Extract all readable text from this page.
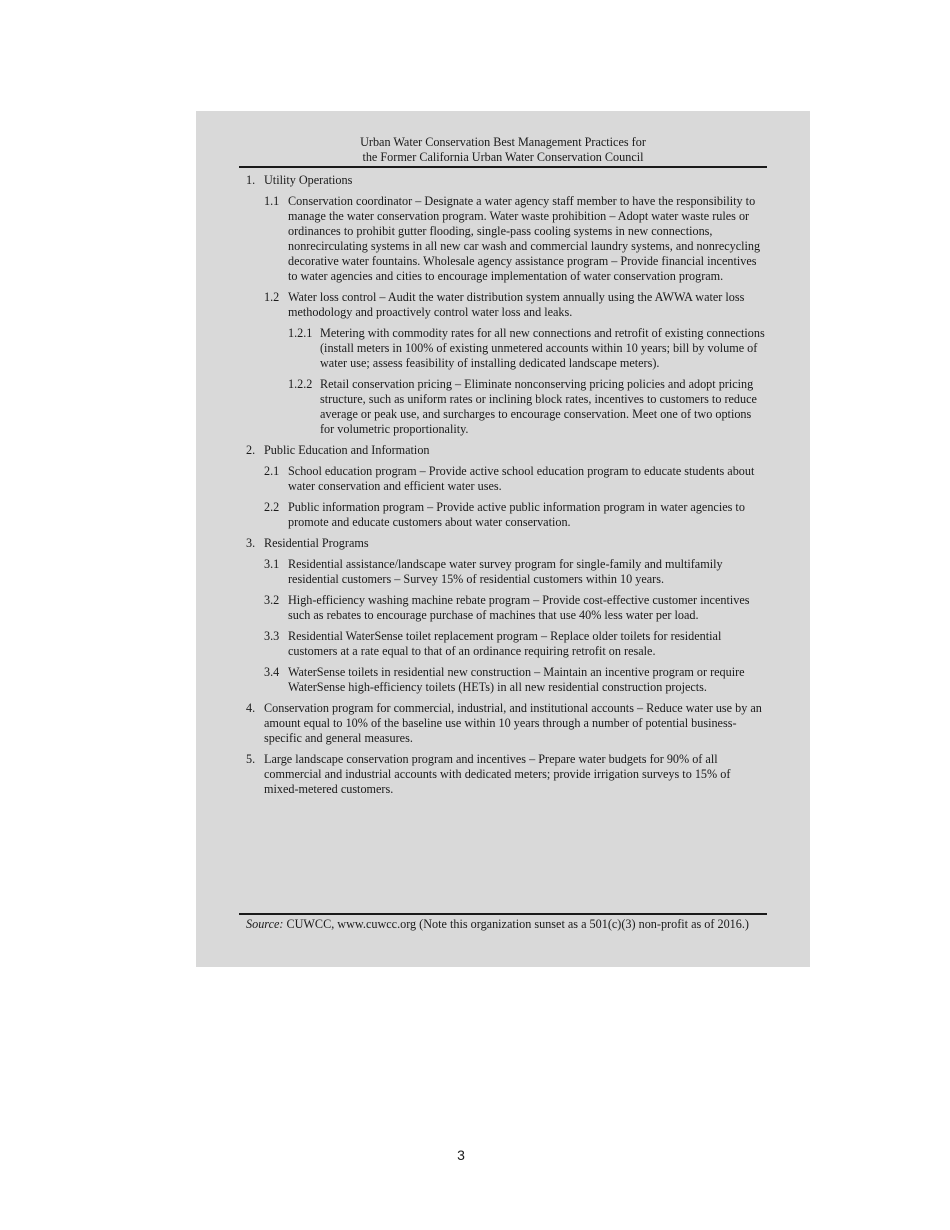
Urban Water Conservation Best Management Practices for
the Former California Urban Water Conservation Council
1. Utility Operations
1.1 Conservation coordinator – Designate a water agency staff member to have the responsibility to manage the water conservation program. Water waste prohibition – Adopt water waste rules or ordinances to prohibit gutter flooding, single-pass cooling systems in new connections, nonrecirculating systems in all new car wash and commercial laundry systems, and nonrecycling decorative water fountains. Wholesale agency assistance program – Provide financial incentives to water agencies and cities to encourage implementation of water conservation program.
1.2 Water loss control – Audit the water distribution system annually using the AWWA water loss methodology and proactively control water loss and leaks.
1.2.1 Metering with commodity rates for all new connections and retrofit of existing connections (install meters in 100% of existing unmetered accounts within 10 years; bill by volume of water use; assess feasibility of installing dedicated landscape meters).
1.2.2 Retail conservation pricing – Eliminate nonconserving pricing policies and adopt pricing structure, such as uniform rates or inclining block rates, incentives to customers to reduce average or peak use, and surcharges to encourage conservation. Meet one of two options for volumetric proportionality.
2. Public Education and Information
2.1 School education program – Provide active school education program to educate students about water conservation and efficient water uses.
2.2 Public information program – Provide active public information program in water agencies to promote and educate customers about water conservation.
3. Residential Programs
3.1 Residential assistance/landscape water survey program for single-family and multifamily residential customers – Survey 15% of residential customers within 10 years.
3.2 High-efficiency washing machine rebate program – Provide cost-effective customer incentives such as rebates to encourage purchase of machines that use 40% less water per load.
3.3 Residential WaterSense toilet replacement program – Replace older toilets for residential customers at a rate equal to that of an ordinance requiring retrofit on resale.
3.4 WaterSense toilets in residential new construction – Maintain an incentive program or require WaterSense high-efficiency toilets (HETs) in all new residential construction projects.
4. Conservation program for commercial, industrial, and institutional accounts – Reduce water use by an amount equal to 10% of the baseline use within 10 years through a number of potential business-specific and general measures.
5. Large landscape conservation program and incentives – Prepare water budgets for 90% of all commercial and industrial accounts with dedicated meters; provide irrigation surveys to 15% of mixed-metered customers.
Source: CUWCC, www.cuwcc.org (Note this organization sunset as a 501(c)(3) non-profit as of 2016.)
3
